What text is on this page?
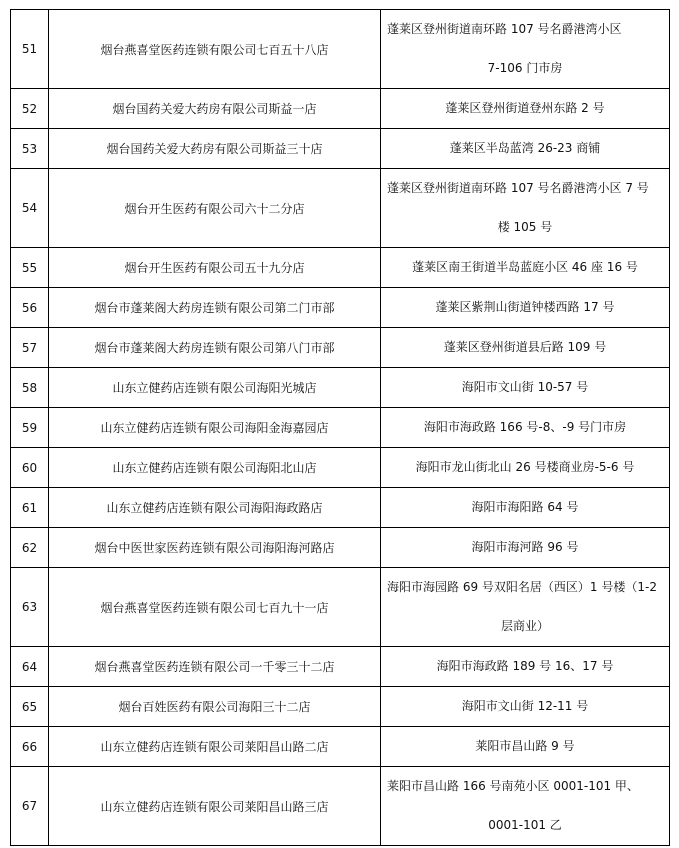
51	烟台燕喜堂医药连锁有限公司七百五十八店	蓬莱区登州街道南环路 107 号名爵港湾小区
7-106 门市房

52	烟台国药关爱大药房有限公司斯益一店	蓬莱区登州街道登州东路 2 号
53	烟台国药关爱大药房有限公司斯益三十店	蓬莱区半岛蓝湾 26-23 商铺
54	烟台开生医药有限公司六十二分店	蓬莱区登州街道南环路 107 号名爵港湾小区 7 号
楼 105 号

55	烟台开生医药有限公司五十九分店	蓬莱区南王街道半岛蓝庭小区 46 座 16 号
56	烟台市蓬莱阁大药房连锁有限公司第二门市部	蓬莱区紫荆山街道钟楼西路 17 号
57	烟台市蓬莱阁大药房连锁有限公司第八门市部	蓬莱区登州街道县后路 109 号
58	山东立健药店连锁有限公司海阳光城店	海阳市文山街 10-57 号
59	山东立健药店连锁有限公司海阳金海嘉园店	海阳市海政路 166 号-8、-9 号门市房
60	山东立健药店连锁有限公司海阳北山店	海阳市龙山街北山 26 号楼商业房-5-6 号
61	山东立健药店连锁有限公司海阳海政路店	海阳市海阳路 64 号
62	烟台中医世家医药连锁有限公司海阳海河路店	海阳市海河路 96 号
63	烟台燕喜堂医药连锁有限公司七百九十一店	海阳市海园路 69 号双阳名居（西区）1 号楼（1-2
层商业）

64	烟台燕喜堂医药连锁有限公司一千零三十二店	海阳市海政路 189 号 16、17 号
65	烟台百姓医药有限公司海阳三十二店	海阳市文山街 12-11 号
66	山东立健药店连锁有限公司莱阳昌山路二店	莱阳市昌山路 9 号
67	山东立健药店连锁有限公司莱阳昌山路三店	莱阳市昌山路 166 号南苑小区 0001-101 甲、
0001-101 乙
